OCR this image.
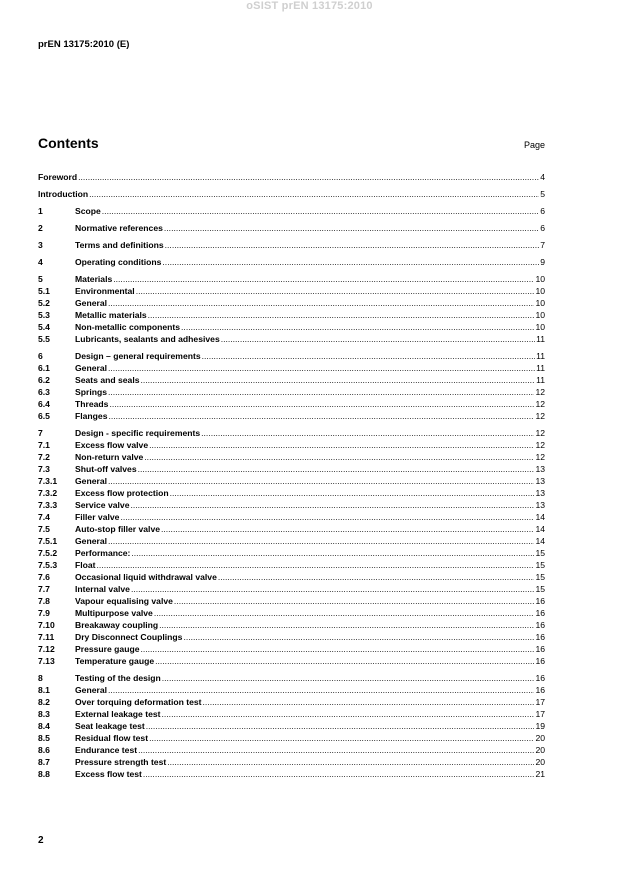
oSIST prEN 13175:2010
prEN 13175:2010 (E)
Contents	Page
Foreword .....	4
Introduction .....	5
1	Scope .....	6
2	Normative references .....	6
3	Terms and definitions .....	7
4	Operating conditions .....	9
5	Materials .....	10
5.1	Environmental .....	10
5.2	General .....	10
5.3	Metallic materials .....	10
5.4	Non-metallic components .....	10
5.5	Lubricants, sealants and adhesives .....	11
6	Design – general requirements .....	11
6.1	General .....	11
6.2	Seats and seals .....	11
6.3	Springs .....	12
6.4	Threads .....	12
6.5	Flanges .....	12
7	Design - specific requirements .....	12
7.1	Excess flow valve .....	12
7.2	Non-return valve .....	12
7.3	Shut-off valves .....	13
7.3.1	General .....	13
7.3.2	Excess flow protection .....	13
7.3.3	Service valve .....	13
7.4	Filler valve .....	14
7.5	Auto-stop filler valve .....	14
7.5.1	General .....	14
7.5.2	Performance: .....	15
7.5.3	Float .....	15
7.6	Occasional liquid withdrawal valve .....	15
7.7	Internal valve .....	15
7.8	Vapour equalising valve .....	16
7.9	Multipurpose valve .....	16
7.10	Breakaway coupling .....	16
7.11	Dry Disconnect Couplings .....	16
7.12	Pressure gauge .....	16
7.13	Temperature gauge .....	16
8	Testing of the design .....	16
8.1	General .....	16
8.2	Over torquing deformation test .....	17
8.3	External leakage test .....	17
8.4	Seat leakage test .....	19
8.5	Residual flow test .....	20
8.6	Endurance test .....	20
8.7	Pressure strength test .....	20
8.8	Excess flow test .....	21
2
